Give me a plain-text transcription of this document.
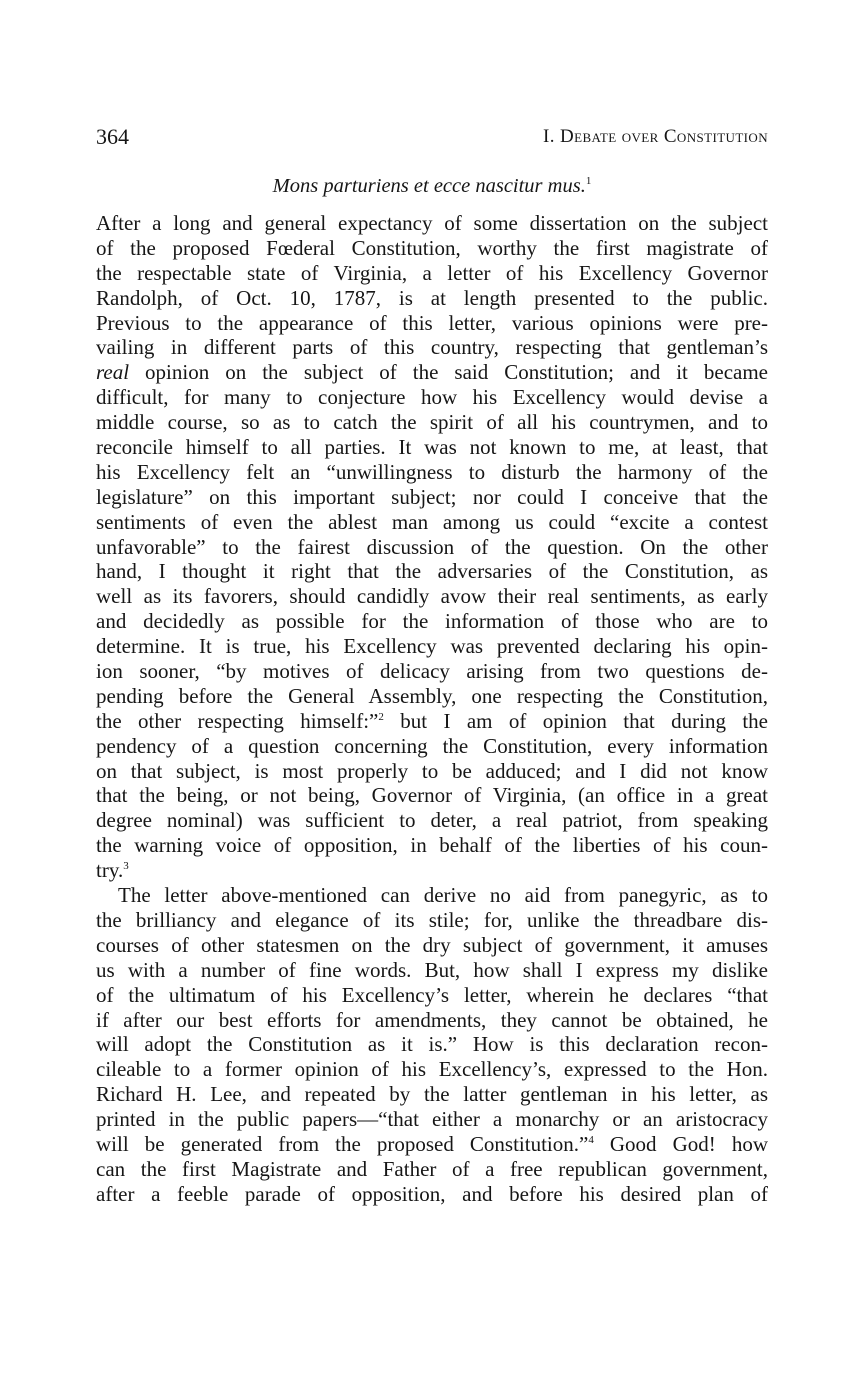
364	I. Debate over Constitution
Mons parturiens et ecce nascitur mus.$^1$
After a long and general expectancy of some dissertation on the subject
of the proposed Fœderal Constitution, worthy the first magistrate of
the respectable state of Virginia, a letter of his Excellency Governor
Randolph, of Oct. 10, 1787, is at length presented to the public.
Previous to the appearance of this letter, various opinions were pre-
vailing in different parts of this country, respecting that gentleman’s
real opinion on the subject of the said Constitution; and it became
difficult, for many to conjecture how his Excellency would devise a
middle course, so as to catch the spirit of all his countrymen, and to
reconcile himself to all parties. It was not known to me, at least, that
his Excellency felt an “unwillingness to disturb the harmony of the
legislature” on this important subject; nor could I conceive that the
sentiments of even the ablest man among us could “excite a contest
unfavorable” to the fairest discussion of the question. On the other
hand, I thought it right that the adversaries of the Constitution, as
well as its favorers, should candidly avow their real sentiments, as early
and decidedly as possible for the information of those who are to
determine. It is true, his Excellency was prevented declaring his opin-
ion sooner, “by motives of delicacy arising from two questions de-
pending before the General Assembly, one respecting the Constitution,
the other respecting himself:”$^2$ but I am of opinion that during the
pendency of a question concerning the Constitution, every information
on that subject, is most properly to be adduced; and I did not know
that the being, or not being, Governor of Virginia, (an office in a great
degree nominal) was sufficient to deter, a real patriot, from speaking
the warning voice of opposition, in behalf of the liberties of his coun-
try.$^3$
The letter above-mentioned can derive no aid from panegyric, as to
the brilliancy and elegance of its stile; for, unlike the threadbare dis-
courses of other statesmen on the dry subject of government, it amuses
us with a number of fine words. But, how shall I express my dislike
of the ultimatum of his Excellency’s letter, wherein he declares “that
if after our best efforts for amendments, they cannot be obtained, he
will adopt the Constitution as it is.” How is this declaration recon-
cileable to a former opinion of his Excellency’s, expressed to the Hon.
Richard H. Lee, and repeated by the latter gentleman in his letter, as
printed in the public papers—“that either a monarchy or an aristocracy
will be generated from the proposed Constitution.”$^4$ Good God! how
can the first Magistrate and Father of a free republican government,
after a feeble parade of opposition, and before his desired plan of
